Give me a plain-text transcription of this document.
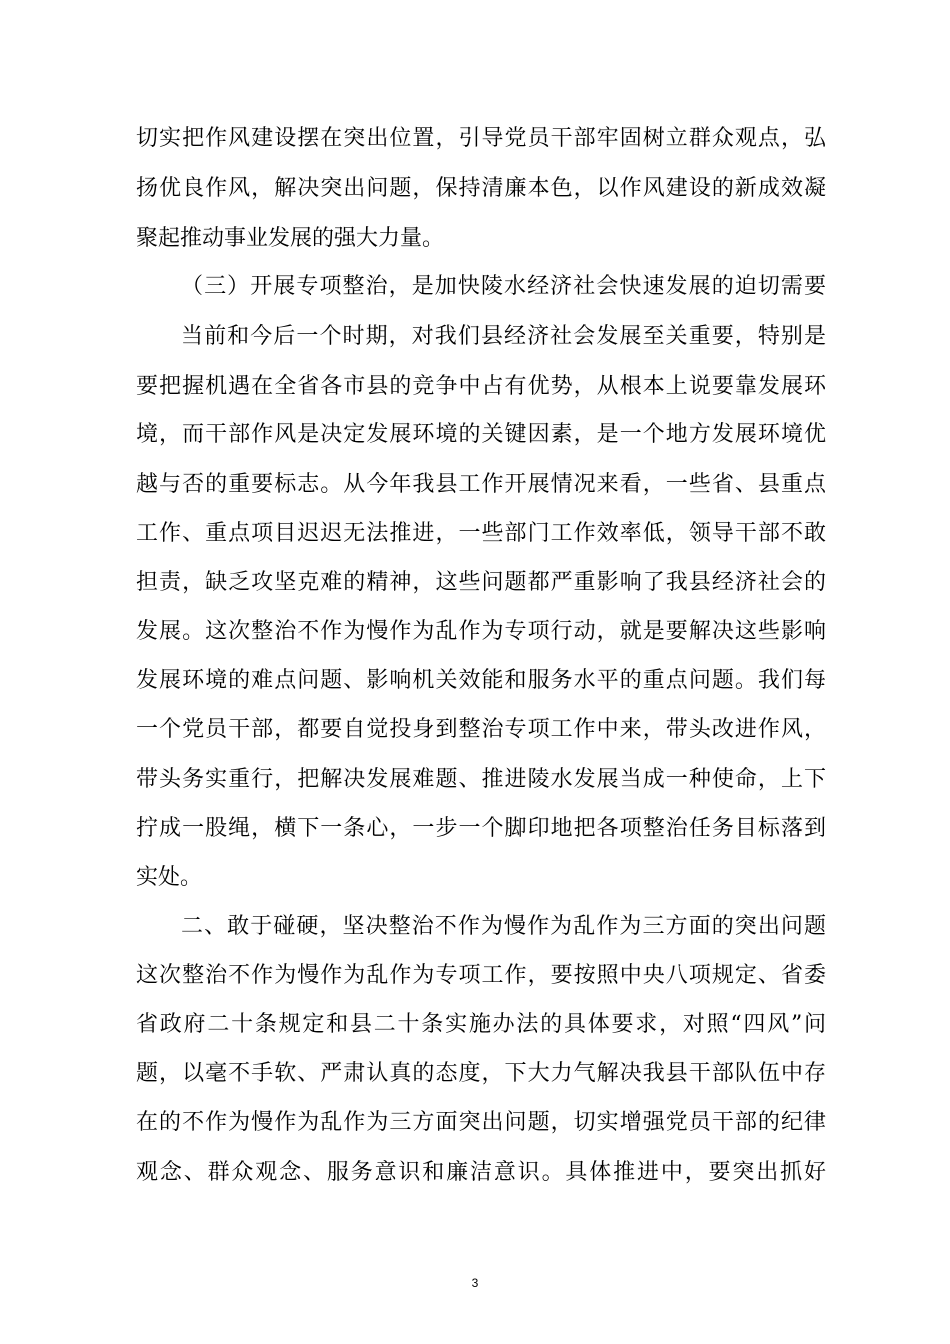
切实把作风建设摆在突出位置，引导党员干部牢固树立群众观点，弘
扬优良作风，解决突出问题，保持清廉本色，以作风建设的新成效凝
聚起推动事业发展的强大力量。
（三）开展专项整治，是加快陵水经济社会快速发展的迫切需要
当前和今后一个时期，对我们县经济社会发展至关重要，特别是
要把握机遇在全省各市县的竞争中占有优势，从根本上说要靠发展环
境，而干部作风是决定发展环境的关键因素，是一个地方发展环境优
越与否的重要标志。从今年我县工作开展情况来看，一些省、县重点
工作、重点项目迟迟无法推进，一些部门工作效率低，领导干部不敢
担责，缺乏攻坚克难的精神，这些问题都严重影响了我县经济社会的
发展。这次整治不作为慢作为乱作为专项行动，就是要解决这些影响
发展环境的难点问题、影响机关效能和服务水平的重点问题。我们每
一个党员干部，都要自觉投身到整治专项工作中来，带头改进作风，
带头务实重行，把解决发展难题、推进陵水发展当成一种使命，上下
拧成一股绳，横下一条心，一步一个脚印地把各项整治任务目标落到
实处。
二、敢于碰硬，坚决整治不作为慢作为乱作为三方面的突出问题
这次整治不作为慢作为乱作为专项工作，要按照中央八项规定、省委
省政府二十条规定和县二十条实施办法的具体要求，对照“四风”问
题，以毫不手软、严肃认真的态度，下大力气解决我县干部队伍中存
在的不作为慢作为乱作为三方面突出问题，切实增强党员干部的纪律
观念、群众观念、服务意识和廉洁意识。具体推进中，要突出抓好
3
